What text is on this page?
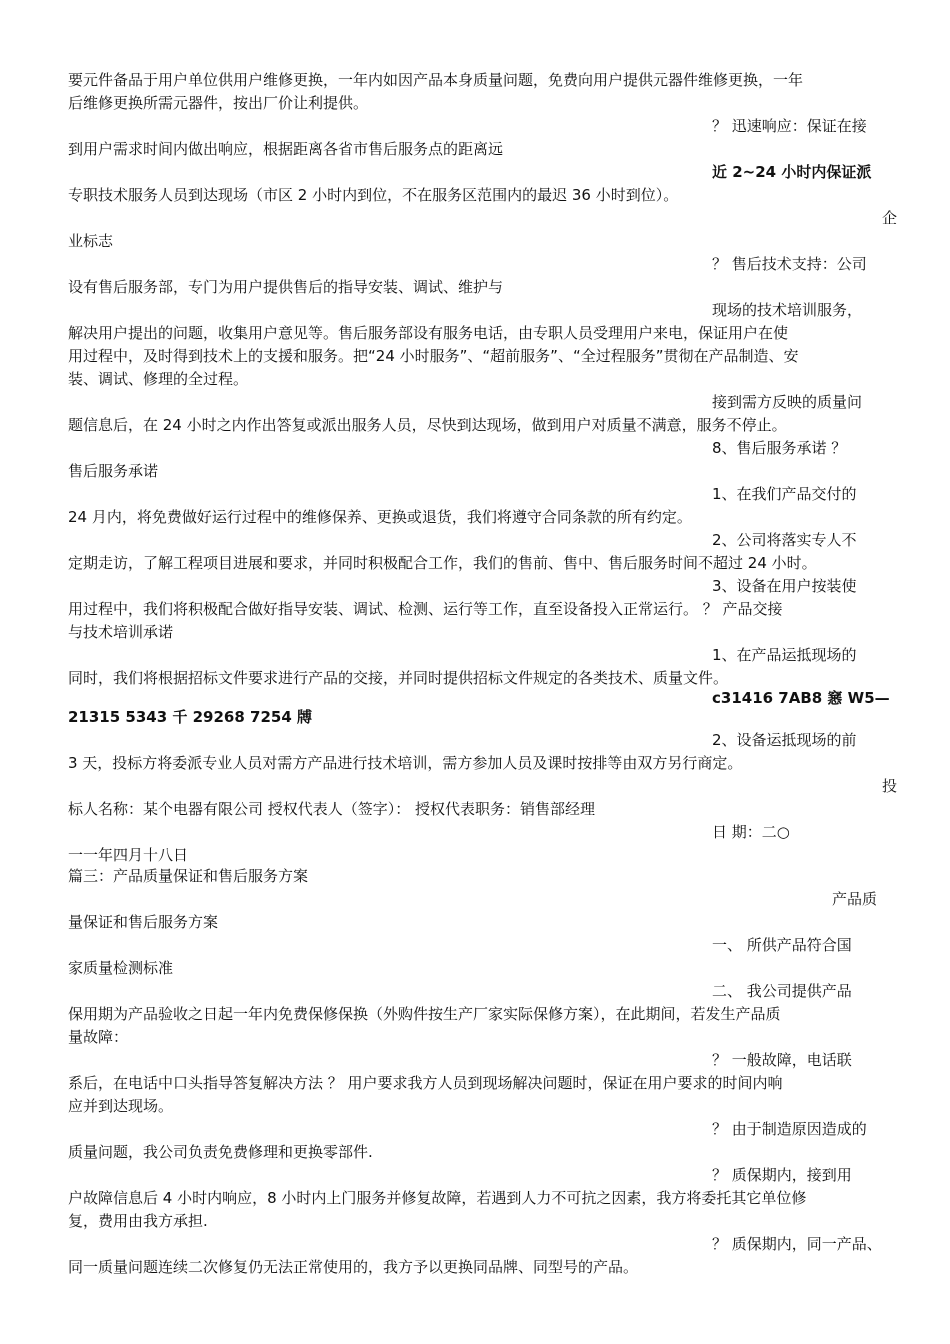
要元件备品于用户单位供用户维修更换，一年内如因产品本身质量问题，免费向用户提供元器件维修更换，一年
后维修更换所需元器件，按出厂价让利提供。
？ 迅速响应：保证在接
到用户需求时间内做出响应，根据距离各省市售后服务点的距离远
近 2~24 小时内保证派
专职技术服务人员到达现场（市区 2 小时内到位，不在服务区范围内的最迟 36 小时到位）。
企
业标志
？ 售后技术支持：公司
设有售后服务部，专门为用户提供售后的指导安装、调试、维护与
现场的技术培训服务，
解决用户提出的问题，收集用户意见等。售后服务部设有服务电话，由专职人员受理用户来电，保证用户在使
用过程中，及时得到技术上的支援和服务。把“24 小时服务”、“超前服务”、“全过程服务”贯彻在产品制造、安
装、调试、修理的全过程。
接到需方反映的质量问
题信息后，在 24 小时之内作出答复或派出服务人员，尽快到达现场，做到用户对质量不满意，服务不停止。
8、售后服务承诺 ？
售后服务承诺
1、在我们产品交付的
24 月内，将免费做好运行过程中的维修保养、更换或退货，我们将遵守合同条款的所有约定。
2、公司将落实专人不
定期走访，了解工程项目进展和要求，并同时积极配合工作，我们的售前、售中、售后服务时间不超过 24 小时。
3、设备在用户按装使
用过程中，我们将积极配合做好指导安装、调试、检测、运行等工作，直至设备投入正常运行。 ？ 产品交接
与技术培训承诺
1、在产品运抵现场的
同时，我们将根据招标文件要求进行产品的交接，并同时提供招标文件规定的各类技术、质量文件。
c31416 7AB8 窸 W5—
21315 5343 千 29268 7254 牔
2、设备运抵现场的前
3 天，投标方将委派专业人员对需方产品进行技术培训，需方参加人员及课时按排等由双方另行商定。
投
标人名称：某个电器有限公司 授权代表人（签字）： 授权代表职务：销售部经理
日 期：二○
一一年四月十八日
篇三：产品质量保证和售后服务方案
产品质
量保证和售后服务方案
一、 所供产品符合国
家质量检测标准
二、 我公司提供产品
保用期为产品验收之日起一年内免费保修保换（外购件按生产厂家实际保修方案），在此期间，若发生产品质
量故障：
？ 一般故障，电话联
系后，在电话中口头指导答复解决方法 ？ 用户要求我方人员到现场解决问题时，保证在用户要求的时间内响
应并到达现场。
？ 由于制造原因造成的
质量问题，我公司负责免费修理和更换零部件.
？ 质保期内，接到用
户故障信息后 4 小时内响应，8 小时内上门服务并修复故障，若遇到人力不可抗之因素，我方将委托其它单位修
复，费用由我方承担.
？ 质保期内，同一产品、
同一质量问题连续二次修复仍无法正常使用的，我方予以更换同品牌、同型号的产品。
